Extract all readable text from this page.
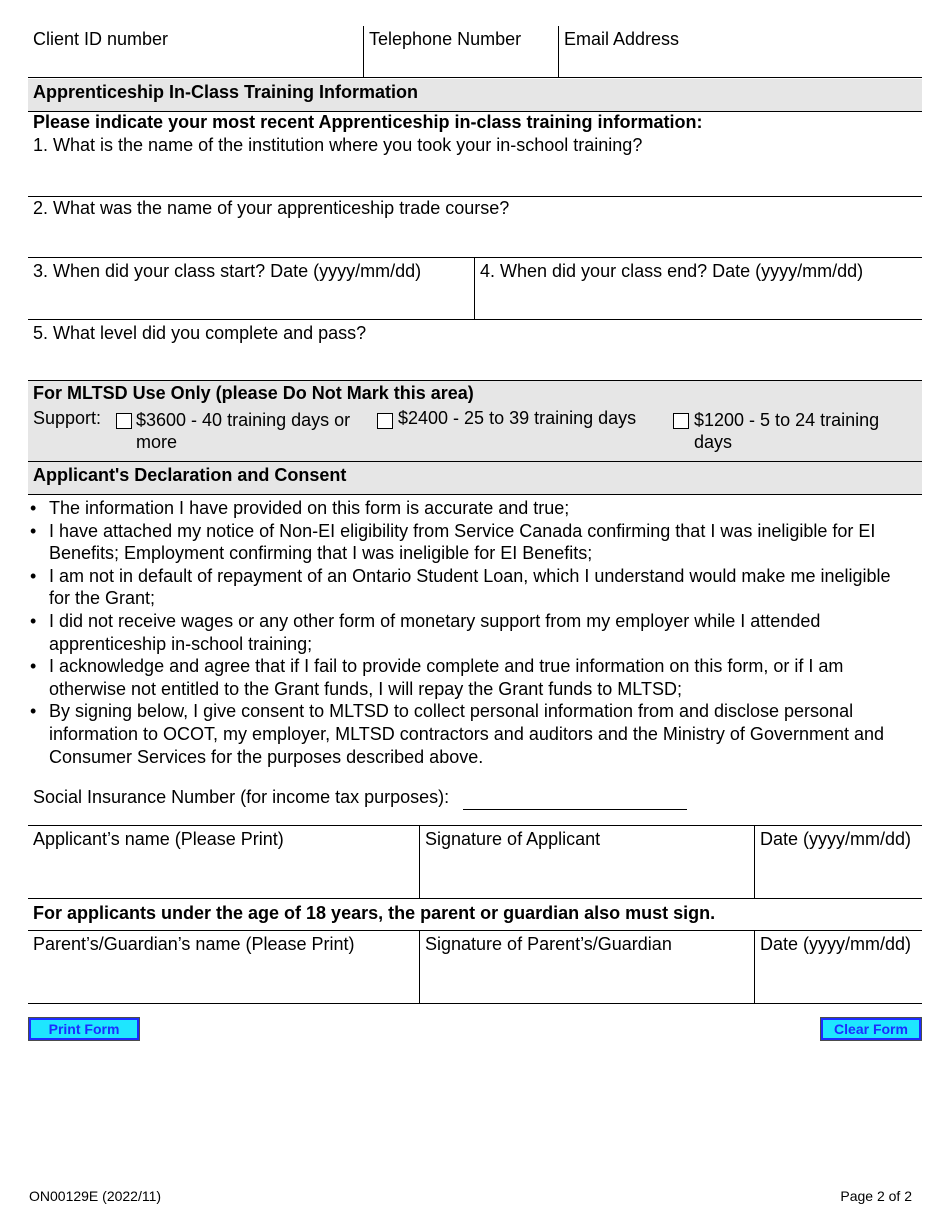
Client ID number	Telephone Number	Email Address
Apprenticeship In-Class Training Information
Please indicate your most recent Apprenticeship in-class training information:
1. What is the name of the institution where you took your in-school training?
2. What was the name of your apprenticeship trade course?
3. When did your class start? Date (yyyy/mm/dd)	4. When did your class end? Date (yyyy/mm/dd)
5. What level did you complete and pass?
For MLTSD Use Only (please Do Not Mark this area)
Support: $3600 - 40 training days or
more
$2400 - 25 to 39 training days	$1200 - 5 to 24 training
days
Applicant's Declaration and Consent
• The information I have provided on this form is accurate and true;
• I have attached my notice of Non-EI eligibility from Service Canada confirming that I was ineligible for EI Benefits; Employment confirming that I was ineligible for EI Benefits;
• I am not in default of repayment of an Ontario Student Loan, which I understand would make me ineligible for the Grant;
• I did not receive wages or any other form of monetary support from my employer while I attended apprenticeship in-school training;
• I acknowledge and agree that if I fail to provide complete and true information on this form, or if I am otherwise not entitled to the Grant funds, I will repay the Grant funds to MLTSD;
• By signing below, I give consent to MLTSD to collect personal information from and disclose personal information to OCOT, my employer, MLTSD contractors and auditors and the Ministry of Government and Consumer Services for the purposes described above.
Social Insurance Number (for income tax purposes):
Applicant’s name (Please Print)	Signature of Applicant	Date (yyyy/mm/dd)
For applicants under the age of 18 years, the parent or guardian also must sign.
Parent’s/Guardian’s name (Please Print)	Signature of Parent’s/Guardian	Date (yyyy/mm/dd)
Print Form	Clear Form
ON00129E (2022/11)	Page 2 of 2
